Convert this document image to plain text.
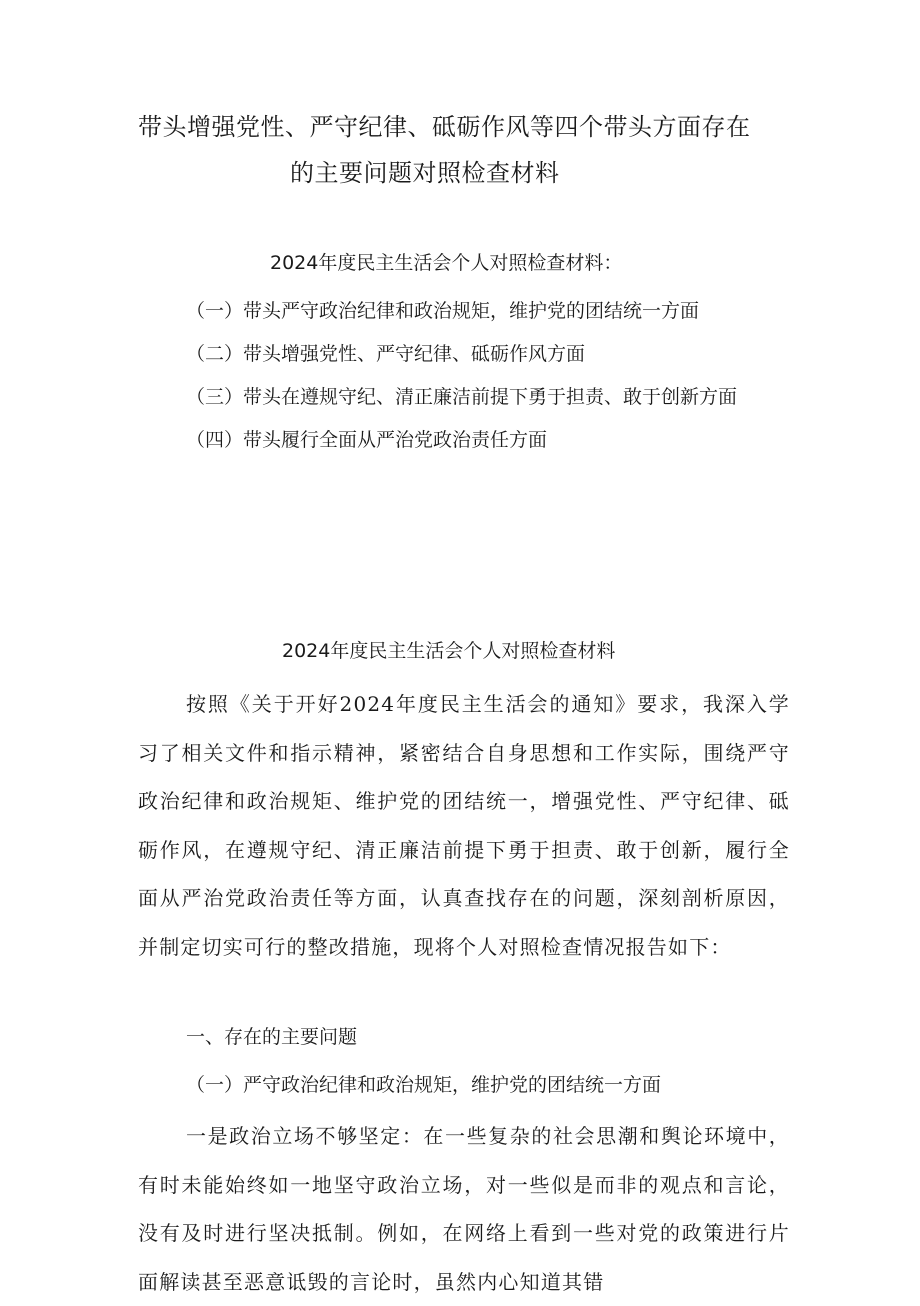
带头增强党性、严守纪律、砥砺作风等四个带头方面存在
的主要问题对照检查材料
2024年度民主生活会个人对照检查材料：
（一）带头严守政治纪律和政治规矩，维护党的团结统一方面
（二）带头增强党性、严守纪律、砥砺作风方面
（三）带头在遵规守纪、清正廉洁前提下勇于担责、敢于创新方面
（四）带头履行全面从严治党政治责任方面
2024年度民主生活会个人对照检查材料

按照《关于开好2024年度民主生活会的通知》要求，我深入学习了相关文件和指示精神，紧密结合自身思想和工作实际，围绕严守政治纪律和政治规矩、维护党的团结统一，增强党性、严守纪律、砥砺作风，在遵规守纪、清正廉洁前提下勇于担责、敢于创新，履行全面从严治党政治责任等方面，认真查找存在的问题，深刻剖析原因，并制定切实可行的整改措施，现将个人对照检查情况报告如下：

一、存在的主要问题
（一）严守政治纪律和政治规矩，维护党的团结统一方面

一是政治立场不够坚定：在一些复杂的社会思潮和舆论环境中，有时未能始终如一地坚守政治立场，对一些似是而非的观点和言论，没有及时进行坚决抵制。例如，在网络上看到一些对党的政策进行片面解读甚至恶意诋毁的言论时，虽然内心知道其错
